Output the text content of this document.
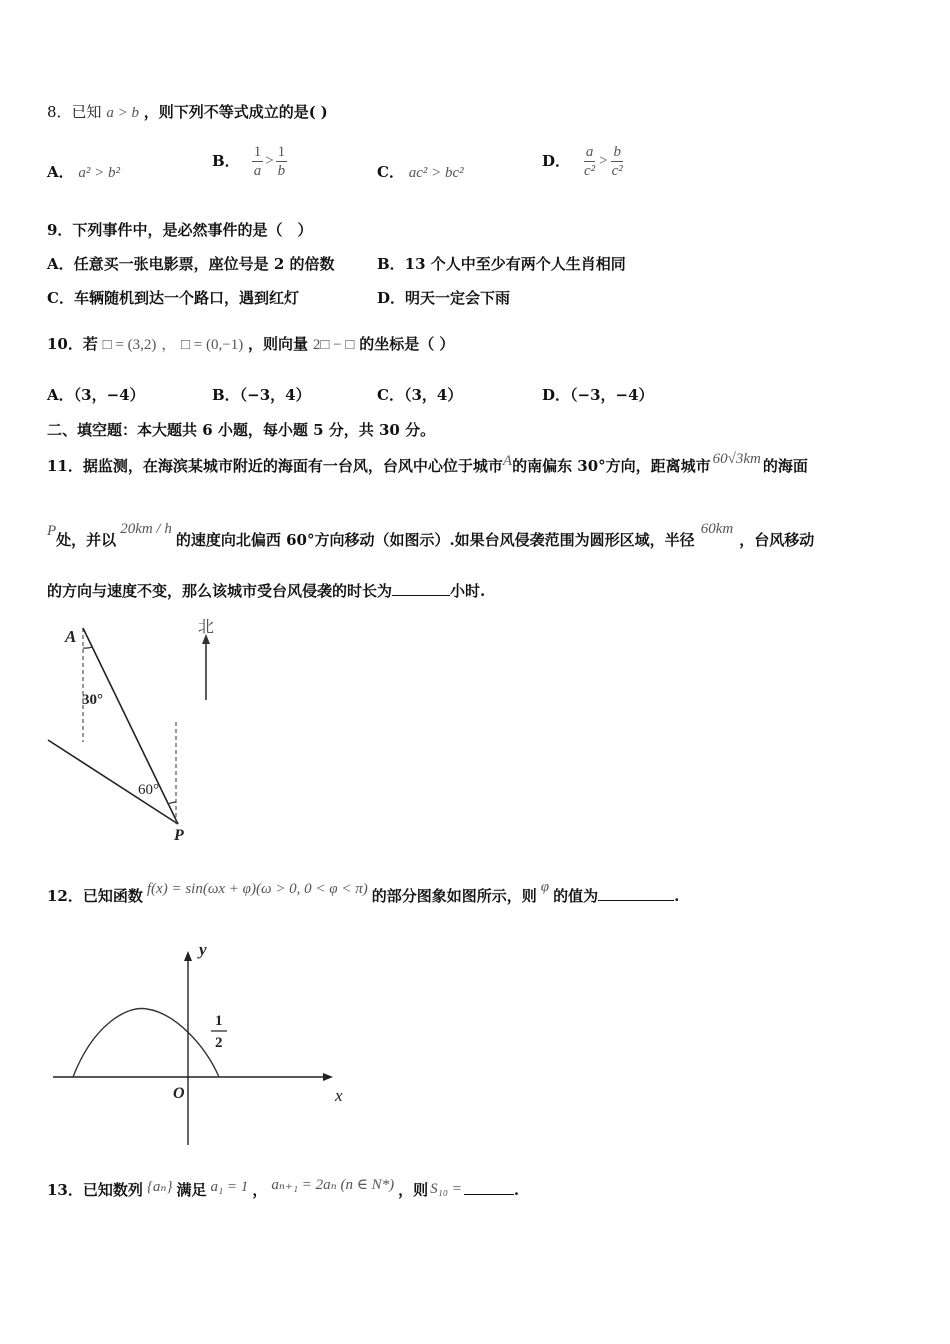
8．已知 a > b ，则下列不等式成立的是( )
A． a² > b²
B． $\frac{1}{a} > \frac{1}{b}$	C． ac² > bc²
D． $\frac{a}{\text{c²}} > \frac{b}{\text{c²}}$
9．下列事件中，是必然事件的是（　）
A．任意买一张电影票，座位号是 2 的倍数	B．13 个人中至少有两个人生肖相同
C．车辆随机到达一个路口，遇到红灯	D．明天一定会下雨
10．若 □ = (3,2) ， □ = (0,−1) ，则向量 2□ − □ 的坐标是（ ）
A．（3，−4）	B．（−3，4）	C．（3，4）	D．（−3，−4）
二、填空题：本大题共 6 小题，每小题 5 分，共 30 分。
11．据监测，在海滨某城市附近的海面有一台风，台风中心位于城市A的南偏东 30°方向，距离城市 60√3km 的海面
P处，并以20km / h的速度向北偏西 60°方向移动（如图示）.如果台风侵袭范围为圆形区域，半径60km，台风移动
的方向与速度不变，那么该城市受台风侵袭的时长为	小时.
A
P
30°
60°
北
12．已知函数 f(x) = sin(ωx + φ)(ω > 0, 0 < φ < π) 的部分图象如图所示，则 φ 的值为	.
y
x
O
1
2
13．已知数列 {aₙ} 满足 a₁ = 1 ， aₙ₊₁ = 2aₙ (n ∈ N*) ，则 S₁₀ =	.
